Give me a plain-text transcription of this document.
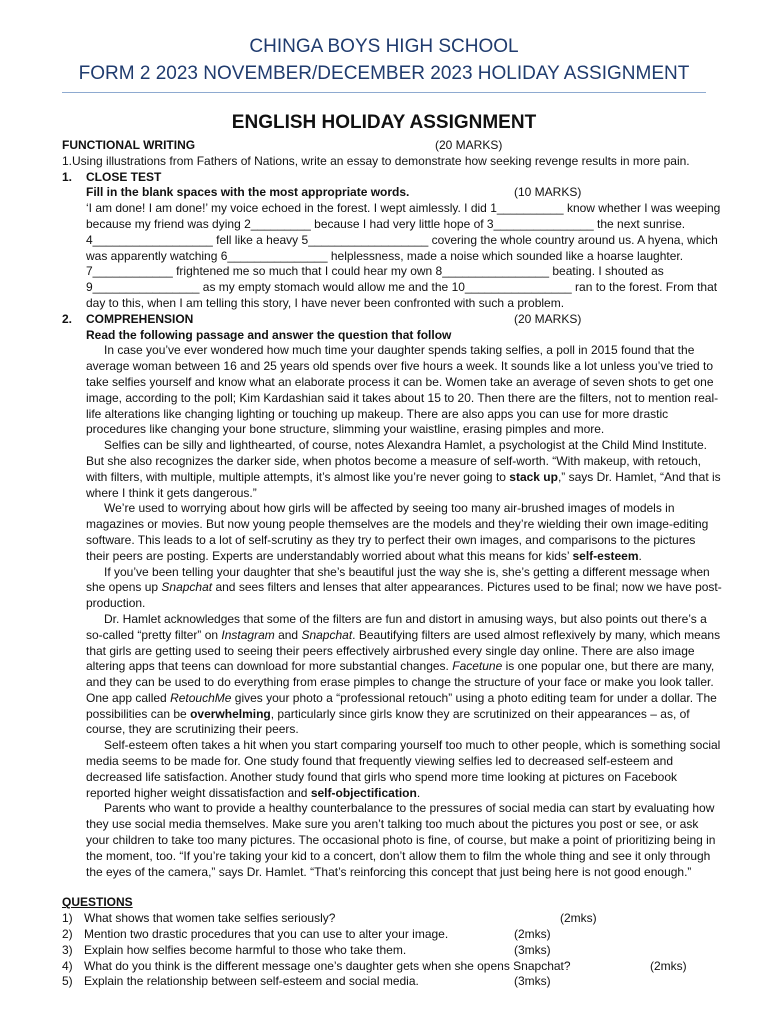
CHINGA BOYS HIGH SCHOOL
FORM 2 2023 NOVEMBER/DECEMBER 2023 HOLIDAY ASSIGNMENT
ENGLISH HOLIDAY ASSIGNMENT
FUNCTIONAL WRITING	(20 MARKS)
1.Using illustrations from Fathers of Nations, write an essay to demonstrate how seeking revenge results in more pain.
1. CLOSE TEST
Fill in the blank spaces with the most appropriate words.	(10 MARKS)
‘I am done! I am done!’ my voice echoed in the forest. I wept aimlessly. I did 1__________ know whether I was weeping because my friend was dying 2_________ because I had very little hope of 3_______________ the next sunrise. 4__________________ fell like a heavy 5__________________ covering the whole country around us. A hyena, which was apparently watching 6_______________ helplessness, made a noise which sounded like a hoarse laughter. 7____________ frightened me so much that I could hear my own 8________________ beating. I shouted as 9________________ as my empty stomach would allow me and the 10________________ ran to the forest. From that day to this, when I am telling this story, I have never been confronted with such a problem.
2. COMPREHENSION	(20 MARKS)
Read the following passage and answer the question that follow
In case you’ve ever wondered how much time your daughter spends taking selfies, a poll in 2015 found that the average woman between 16 and 25 years old spends over five hours a week. It sounds like a lot unless you’ve tried to take selfies yourself and know what an elaborate process it can be. Women take an average of seven shots to get one image, according to the poll; Kim Kardashian said it takes about 15 to 20. Then there are the filters, not to mention real-life alterations like changing lighting or touching up makeup. There are also apps you can use for more drastic procedures like changing your bone structure, slimming your waistline, erasing pimples and more.
Selfies can be silly and lighthearted, of course, notes Alexandra Hamlet, a psychologist at the Child Mind Institute. But she also recognizes the darker side, when photos become a measure of self-worth. “With makeup, with retouch, with filters, with multiple, multiple attempts, it’s almost like you’re never going to stack up,” says Dr. Hamlet, “And that is where I think it gets dangerous.”
We’re used to worrying about how girls will be affected by seeing too many air-brushed images of models in magazines or movies. But now young people themselves are the models and they’re wielding their own image-editing software. This leads to a lot of self-scrutiny as they try to perfect their own images, and comparisons to the pictures their peers are posting. Experts are understandably worried about what this means for kids’ self-esteem.
If you’ve been telling your daughter that she’s beautiful just the way she is, she’s getting a different message when she opens up Snapchat and sees filters and lenses that alter appearances. Pictures used to be final; now we have post-production.
Dr. Hamlet acknowledges that some of the filters are fun and distort in amusing ways, but also points out there’s a so-called “pretty filter” on Instagram and Snapchat. Beautifying filters are used almost reflexively by many, which means that girls are getting used to seeing their peers effectively airbrushed every single day online. There are also image altering apps that teens can download for more substantial changes. Facetune is one popular one, but there are many, and they can be used to do everything from erase pimples to change the structure of your face or make you look taller. One app called RetouchMe gives your photo a “professional retouch” using a photo editing team for under a dollar. The possibilities can be overwhelming, particularly since girls know they are scrutinized on their appearances – as, of course, they are scrutinizing their peers.
Self-esteem often takes a hit when you start comparing yourself too much to other people, which is something social media seems to be made for. One study found that frequently viewing selfies led to decreased self-esteem and decreased life satisfaction. Another study found that girls who spend more time looking at pictures on Facebook reported higher weight dissatisfaction and self-objectification.
Parents who want to provide a healthy counterbalance to the pressures of social media can start by evaluating how they use social media themselves. Make sure you aren’t talking too much about the pictures you post or see, or ask your children to take too many pictures. The occasional photo is fine, of course, but make a point of prioritizing being in the moment, too. “If you’re taking your kid to a concert, don’t allow them to film the whole thing and see it only through the eyes of the camera,” says Dr. Hamlet. “That’s reinforcing this concept that just being here is not good enough.”
QUESTIONS
1) What shows that women take selfies seriously?	(2mks)
2) Mention two drastic procedures that you can use to alter your image.	(2mks)
3) Explain how selfies become harmful to those who take them.	(3mks)
4) What do you think is the different message one’s daughter gets when she opens Snapchat?	(2mks)
5) Explain the relationship between self-esteem and social media.	(3mks)
